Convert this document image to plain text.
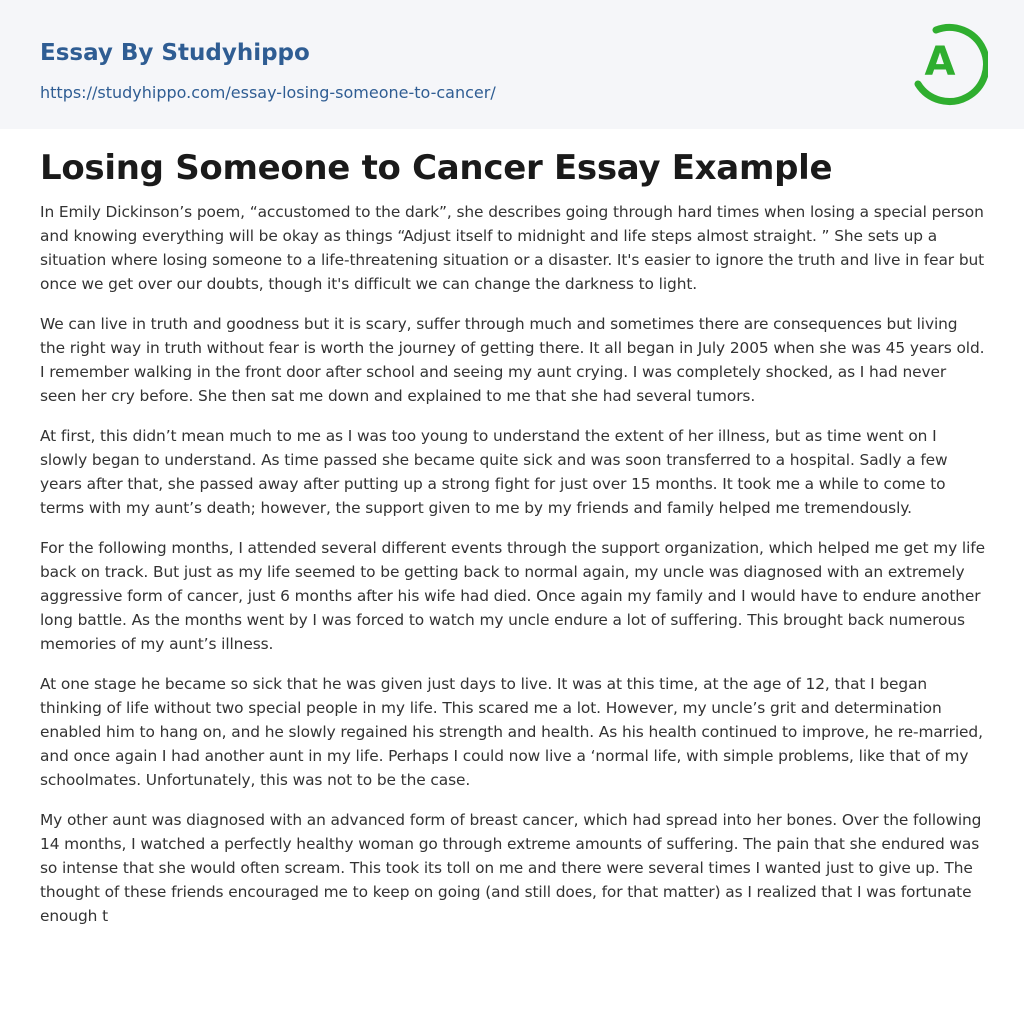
Essay By Studyhippo
https://studyhippo.com/essay-losing-someone-to-cancer/
A
Losing Someone to Cancer Essay Example

In Emily Dickinson’s poem, “accustomed to the dark”, she describes going through hard times when losing a special person and knowing everything will be okay as things “Adjust itself to midnight and life steps almost straight. ” She sets up a situation where losing someone to a life-threatening situation or a disaster. It's easier to ignore the truth and live in fear but once we get over our doubts, though it's difficult we can change the darkness to light.

We can live in truth and goodness but it is scary, suffer through much and sometimes there are consequences but living the right way in truth without fear is worth the journey of getting there. It all began in July 2005 when she was 45 years old. I remember walking in the front door after school and seeing my aunt crying. I was completely shocked, as I had never seen her cry before. She then sat me down and explained to me that she had several tumors.

At first, this didn’t mean much to me as I was too young to understand the extent of her illness, but as time went on I slowly began to understand. As time passed she became quite sick and was soon transferred to a hospital. Sadly a few years after that, she passed away after putting up a strong fight for just over 15 months. It took me a while to come to terms with my aunt’s death; however, the support given to me by my friends and family helped me tremendously.

For the following months, I attended several different events through the support organization, which helped me get my life back on track. But just as my life seemed to be getting back to normal again, my uncle was diagnosed with an extremely aggressive form of cancer, just 6 months after his wife had died. Once again my family and I would have to endure another long battle. As the months went by I was forced to watch my uncle endure a lot of suffering. This brought back numerous memories of my aunt’s illness.

At one stage he became so sick that he was given just days to live. It was at this time, at the age of 12, that I began thinking of life without two special people in my life. This scared me a lot. However, my uncle’s grit and determination enabled him to hang on, and he slowly regained his strength and health. As his health continued to improve, he re-married, and once again I had another aunt in my life. Perhaps I could now live a ‘normal life, with simple problems, like that of my schoolmates. Unfortunately, this was not to be the case.

My other aunt was diagnosed with an advanced form of breast cancer, which had spread into her bones. Over the following 14 months, I watched a perfectly healthy woman go through extreme amounts of suffering. The pain that she endured was so intense that she would often scream. This took its toll on me and there were several times I wanted just to give up. The thought of these friends encouraged me to keep on going (and still does, for that matter) as I realized that I was fortunate enough t
